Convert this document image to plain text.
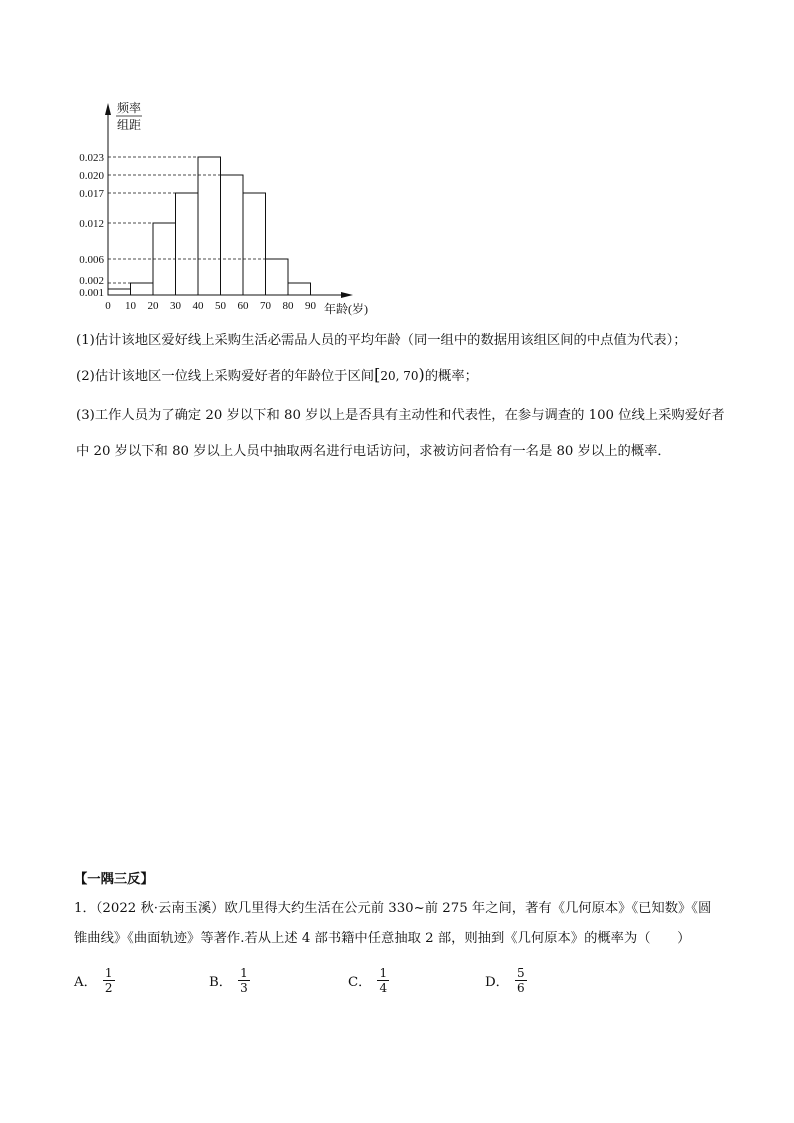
0.001
0.002
0.006
0.012
0.017
0.020
0.023
0 10 20 30 40 50 60 70 80 90
频率
组距
年龄(岁)
(1)估计该地区爱好线上采购生活必需品人员的平均年龄（同一组中的数据用该组区间的中点值为代表）；
(2)估计该地区一位线上采购爱好者的年龄位于区间[20, 70)的概率；
(3)工作人员为了确定 20 岁以下和 80 岁以上是否具有主动性和代表性，在参与调查的 100 位线上采购爱好者中 20 岁以下和 80 岁以上人员中抽取两名进行电话访问，求被访问者恰有一名是 80 岁以上的概率．
【一隅三反】
1．（2022 秋·云南玉溪）欧几里得大约生活在公元前 330~前 275 年之间，著有《几何原本》《已知数》《圆锥曲线》《曲面轨迹》等著作.若从上述 4 部书籍中任意抽取 2 部，则抽到《几何原本》的概率为（　　）
A． $\frac{1}{2}$	B． $\frac{1}{3}$	C． $\frac{1}{4}$	D． $\frac{5}{6}$
